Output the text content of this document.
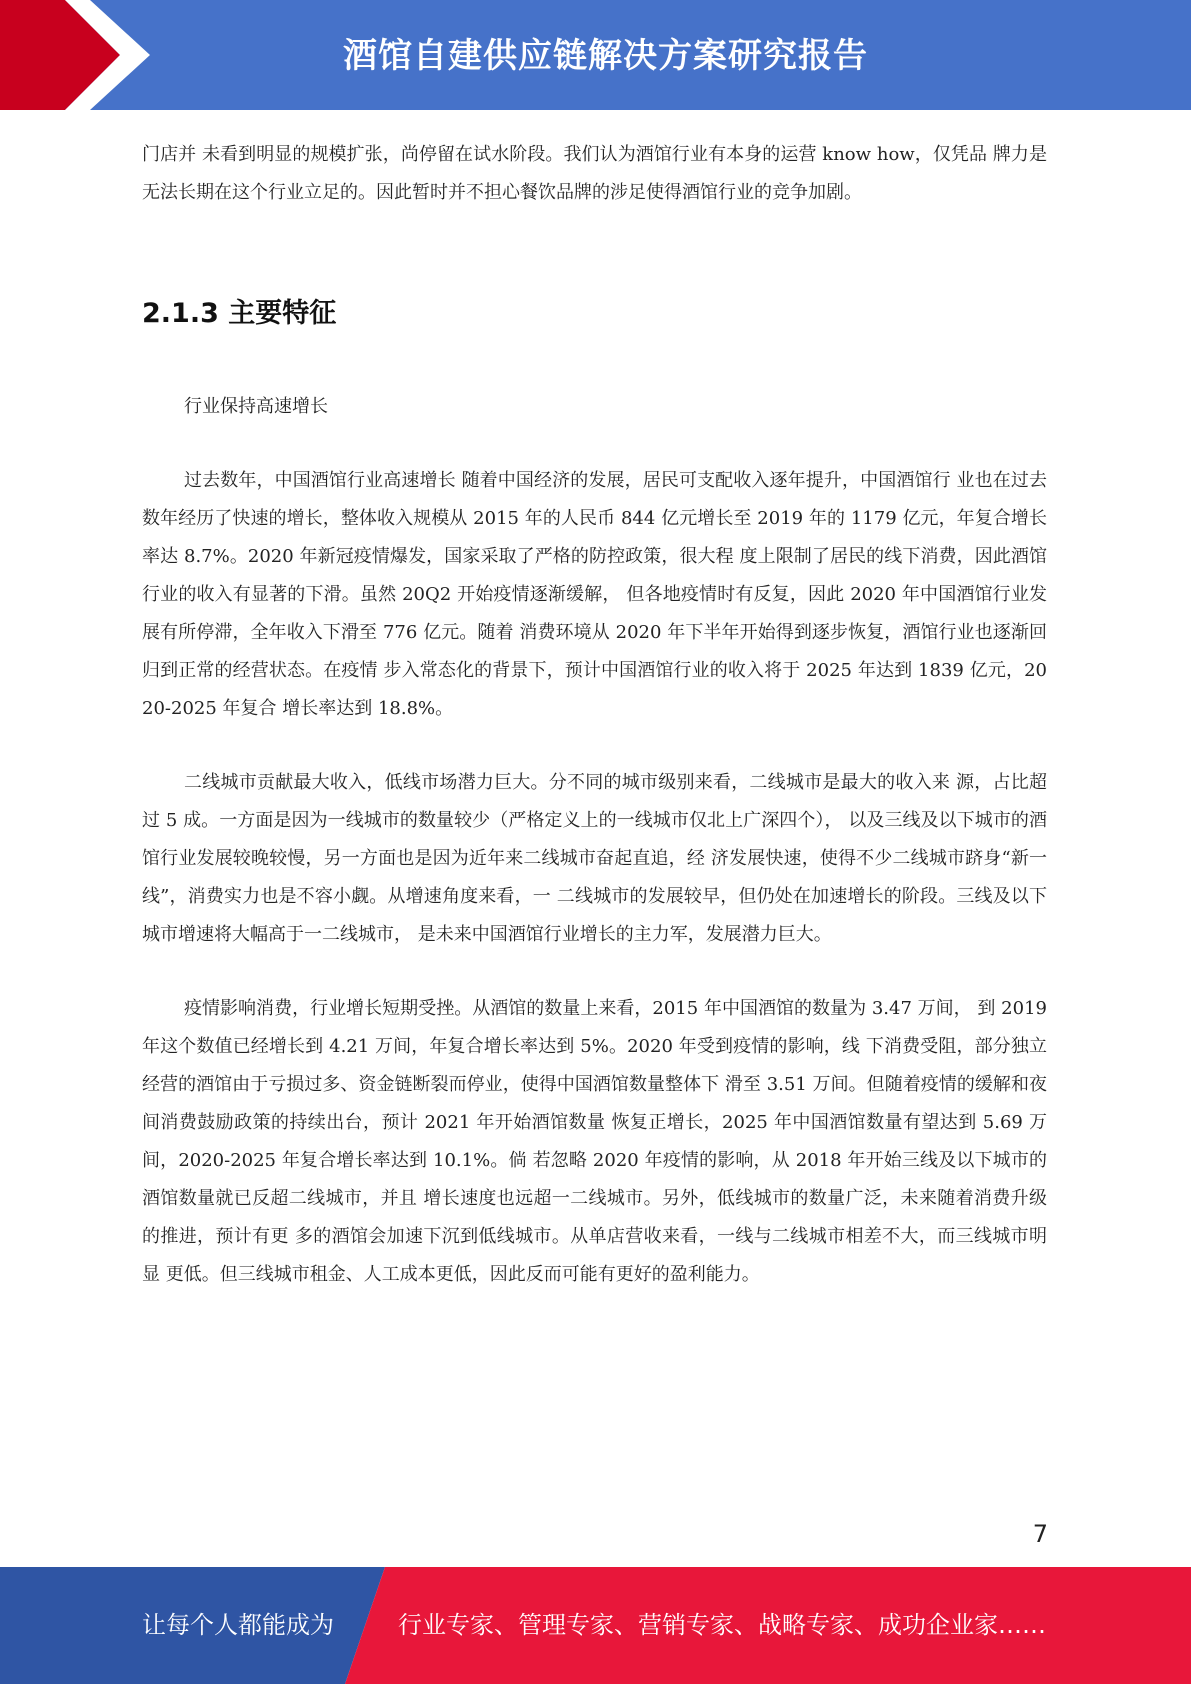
酒馆自建供应链解决方案研究报告

门店并 未看到明显的规模扩张，尚停留在试水阶段。我们认为酒馆行业有本身的运营 know how，仅凭品 牌力是无法长期在这个行业立足的。因此暂时并不担心餐饮品牌的涉足使得酒馆行业的竞争加剧。

2.1.3 主要特征

行业保持高速增长

过去数年，中国酒馆行业高速增长 随着中国经济的发展，居民可支配收入逐年提升，中国酒馆行 业也在过去数年经历了快速的增长，整体收入规模从 2015 年的人民币 844 亿元增长至 2019 年的 1179 亿元，年复合增长率达 8.7%。2020 年新冠疫情爆发，国家采取了严格的防控政策，很大程 度上限制了居民的线下消费，因此酒馆行业的收入有显著的下滑。虽然 20Q2 开始疫情逐渐缓解， 但各地疫情时有反复，因此 2020 年中国酒馆行业发展有所停滞，全年收入下滑至 776 亿元。随着 消费环境从 2020 年下半年开始得到逐步恢复，酒馆行业也逐渐回归到正常的经营状态。在疫情 步入常态化的背景下，预计中国酒馆行业的收入将于 2025 年达到 1839 亿元，2020-2025 年复合 增长率达到 18.8%。

二线城市贡献最大收入，低线市场潜力巨大。分不同的城市级别来看，二线城市是最大的收入来 源，占比超过 5 成。一方面是因为一线城市的数量较少（严格定义上的一线城市仅北上广深四个）， 以及三线及以下城市的酒馆行业发展较晚较慢，另一方面也是因为近年来二线城市奋起直追，经 济发展快速，使得不少二线城市跻身“新一线”，消费实力也是不容小觑。从增速角度来看，一 二线城市的发展较早，但仍处在加速增长的阶段。三线及以下城市增速将大幅高于一二线城市， 是未来中国酒馆行业增长的主力军，发展潜力巨大。

疫情影响消费，行业增长短期受挫。从酒馆的数量上来看，2015 年中国酒馆的数量为 3.47 万间， 到 2019 年这个数值已经增长到 4.21 万间，年复合增长率达到 5%。2020 年受到疫情的影响，线 下消费受阻，部分独立经营的酒馆由于亏损过多、资金链断裂而停业，使得中国酒馆数量整体下 滑至 3.51 万间。但随着疫情的缓解和夜间消费鼓励政策的持续出台，预计 2021 年开始酒馆数量 恢复正增长，2025 年中国酒馆数量有望达到 5.69 万间，2020-2025 年复合增长率达到 10.1%。倘 若忽略 2020 年疫情的影响，从 2018 年开始三线及以下城市的酒馆数量就已反超二线城市，并且 增长速度也远超一二线城市。另外，低线城市的数量广泛，未来随着消费升级的推进，预计有更 多的酒馆会加速下沉到低线城市。从单店营收来看，一线与二线城市相差不大，而三线城市明显 更低。但三线城市租金、人工成本更低，因此反而可能有更好的盈利能力。

7
让每个人都能成为	行业专家、管理专家、营销专家、战略专家、成功企业家……
